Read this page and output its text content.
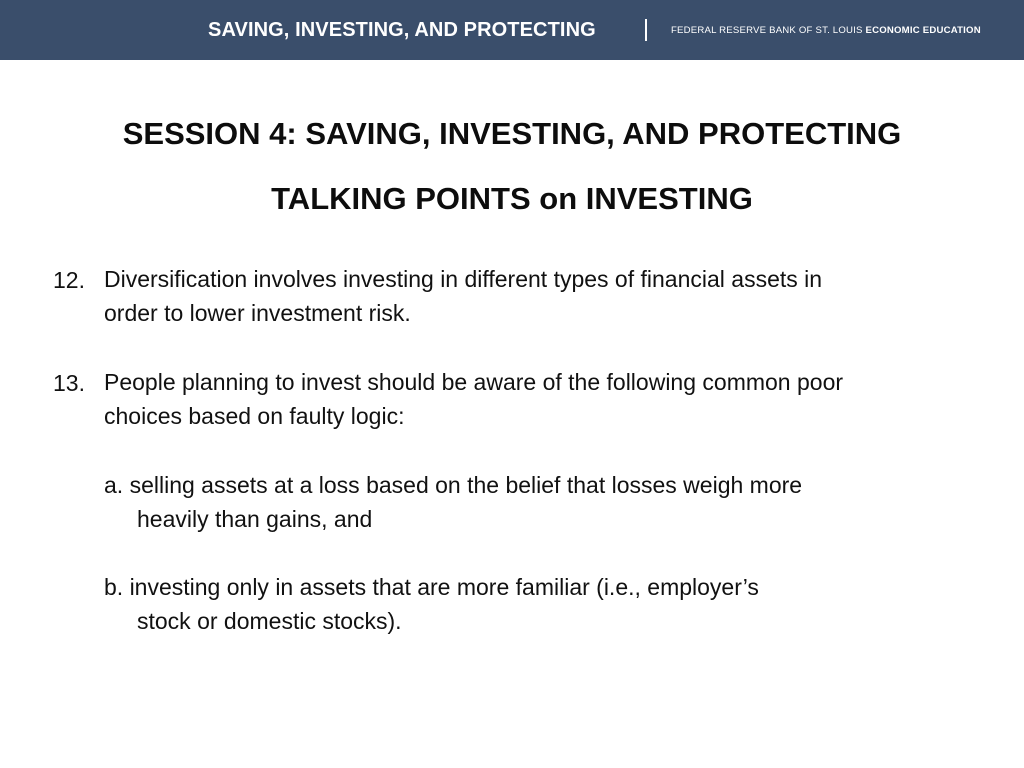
SAVING, INVESTING, AND PROTECTING	FEDERAL RESERVE BANK OF ST. LOUIS ECONOMIC EDUCATION
SESSION 4: SAVING, INVESTING, AND PROTECTING
TALKING POINTS on INVESTING
12. Diversification involves investing in different types of financial assets in
order to lower investment risk.
13. People planning to invest should be aware of the following common poor
choices based on faulty logic:
a. selling assets at a loss based on the belief that losses weigh more
heavily than gains, and
b. investing only in assets that are more familiar (i.e., employer’s
stock or domestic stocks).
